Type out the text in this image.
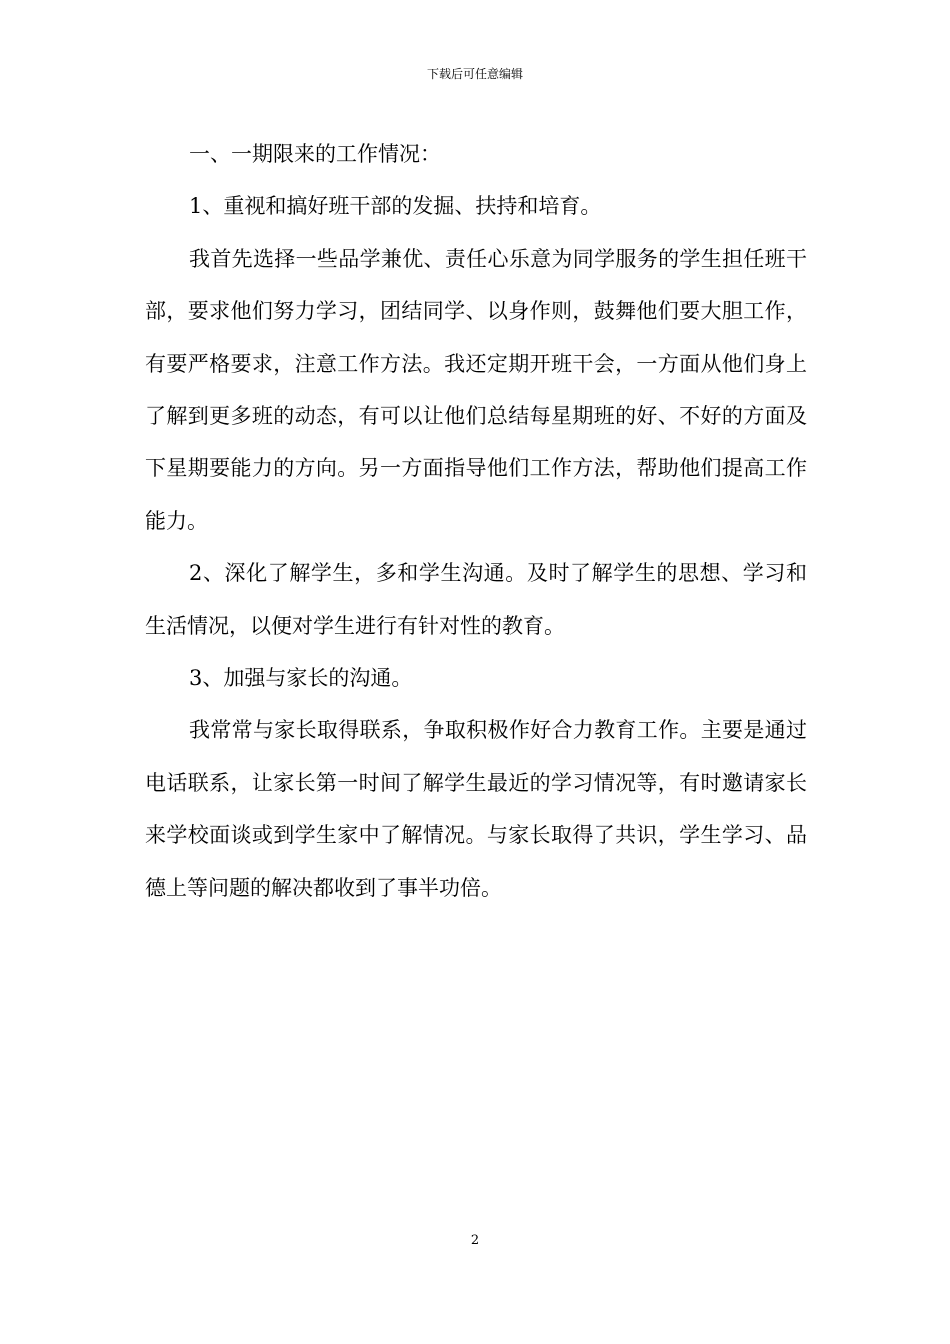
下载后可任意编辑

一、一期限来的工作情况：

1、重视和搞好班干部的发掘、扶持和培育。

我首先选择一些品学兼优、责任心乐意为同学服务的学生担任班干部，要求他们努力学习，团结同学、以身作则，鼓舞他们要大胆工作，有要严格要求，注意工作方法。我还定期开班干会，一方面从他们身上了解到更多班的动态，有可以让他们总结每星期班的好、不好的方面及下星期要能力的方向。另一方面指导他们工作方法，帮助他们提高工作能力。

2、深化了解学生，多和学生沟通。及时了解学生的思想、学习和生活情况，以便对学生进行有针对性的教育。

3、加强与家长的沟通。

我常常与家长取得联系，争取积极作好合力教育工作。主要是通过电话联系，让家长第一时间了解学生最近的学习情况等，有时邀请家长来学校面谈或到学生家中了解情况。与家长取得了共识，学生学习、品德上等问题的解决都收到了事半功倍。

2
